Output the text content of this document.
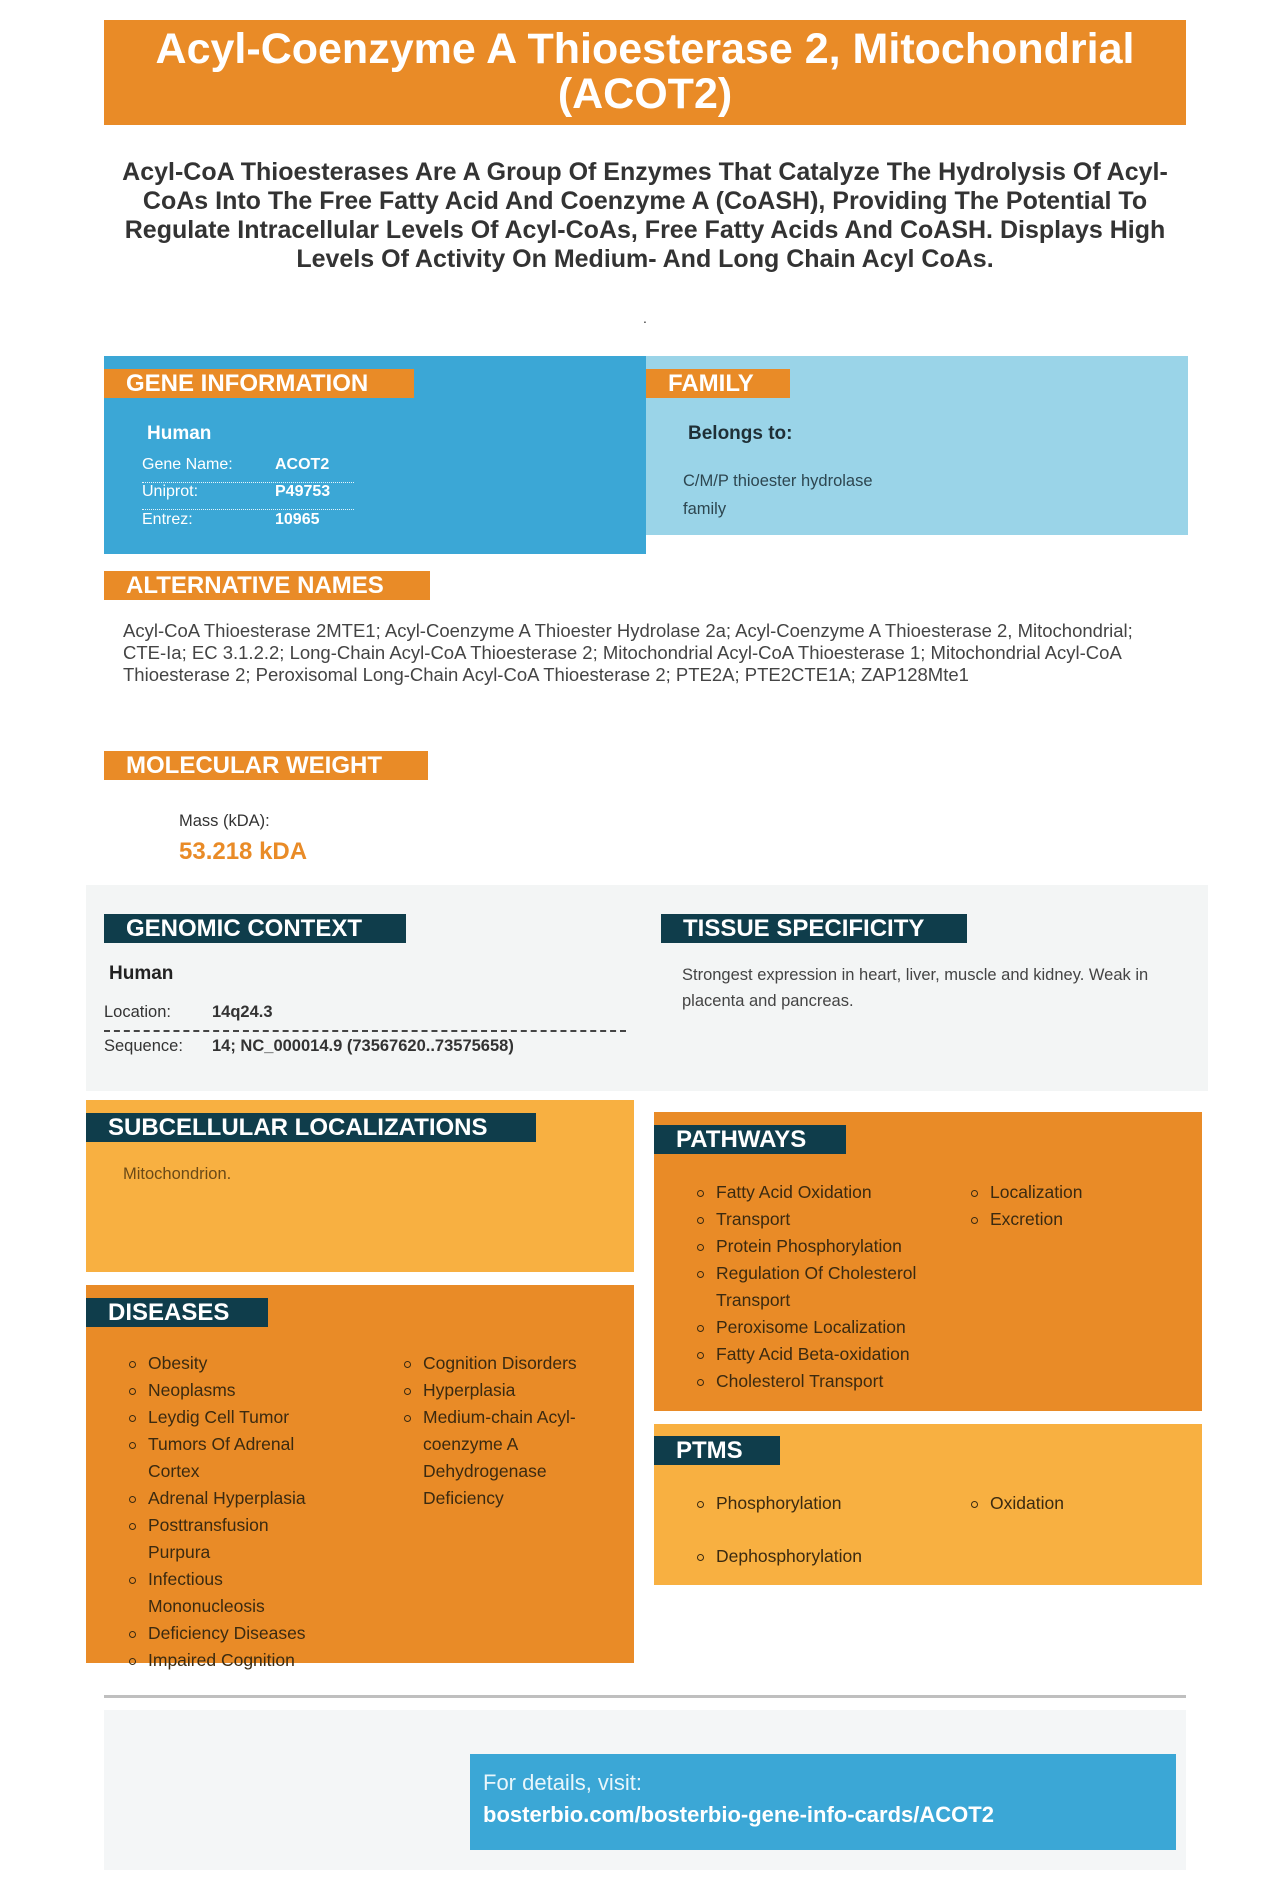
Acyl-Coenzyme A Thioesterase 2, Mitochondrial (ACOT2)
Acyl-CoA Thioesterases Are A Group Of Enzymes That Catalyze The Hydrolysis Of Acyl-CoAs Into The Free Fatty Acid And Coenzyme A (CoASH), Providing The Potential To Regulate Intracellular Levels Of Acyl-CoAs, Free Fatty Acids And CoASH. Displays High Levels Of Activity On Medium- And Long Chain Acyl CoAs.
.
GENE INFORMATION
Human
Gene Name:	ACOT2
Uniprot:	P49753
Entrez:	10965
FAMILY
Belongs to:
C/M/P thioester hydrolase
family
ALTERNATIVE NAMES
Acyl-CoA Thioesterase 2MTE1; Acyl-Coenzyme A Thioester Hydrolase 2a; Acyl-Coenzyme A Thioesterase 2, Mitochondrial; CTE-Ia; EC 3.1.2.2; Long-Chain Acyl-CoA Thioesterase 2; Mitochondrial Acyl-CoA Thioesterase 1; Mitochondrial Acyl-CoA Thioesterase 2; Peroxisomal Long-Chain Acyl-CoA Thioesterase 2; PTE2A; PTE2CTE1A; ZAP128Mte1
MOLECULAR WEIGHT
Mass (kDA):
53.218 kDA
GENOMIC CONTEXT
Human
Location: 14q24.3
Sequence: 14; NC_000014.9 (73567620..73575658)
TISSUE SPECIFICITY
Strongest expression in heart, liver, muscle and kidney. Weak in placenta and pancreas.
SUBCELLULAR LOCALIZATIONS
Mitochondrion.
DISEASES
Obesity
Neoplasms
Leydig Cell Tumor
Tumors Of Adrenal Cortex
Adrenal Hyperplasia
Posttransfusion Purpura
Infectious Mononucleosis
Deficiency Diseases
Impaired Cognition
Cognition Disorders
Hyperplasia
Medium-chain Acyl-coenzyme A Dehydrogenase Deficiency
PATHWAYS
Fatty Acid Oxidation
Transport
Protein Phosphorylation
Regulation Of Cholesterol Transport
Peroxisome Localization
Fatty Acid Beta-oxidation
Cholesterol Transport
Localization
Excretion
PTMS
Phosphorylation
Dephosphorylation
Oxidation
For details, visit:
bosterbio.com/bosterbio-gene-info-cards/ACOT2
